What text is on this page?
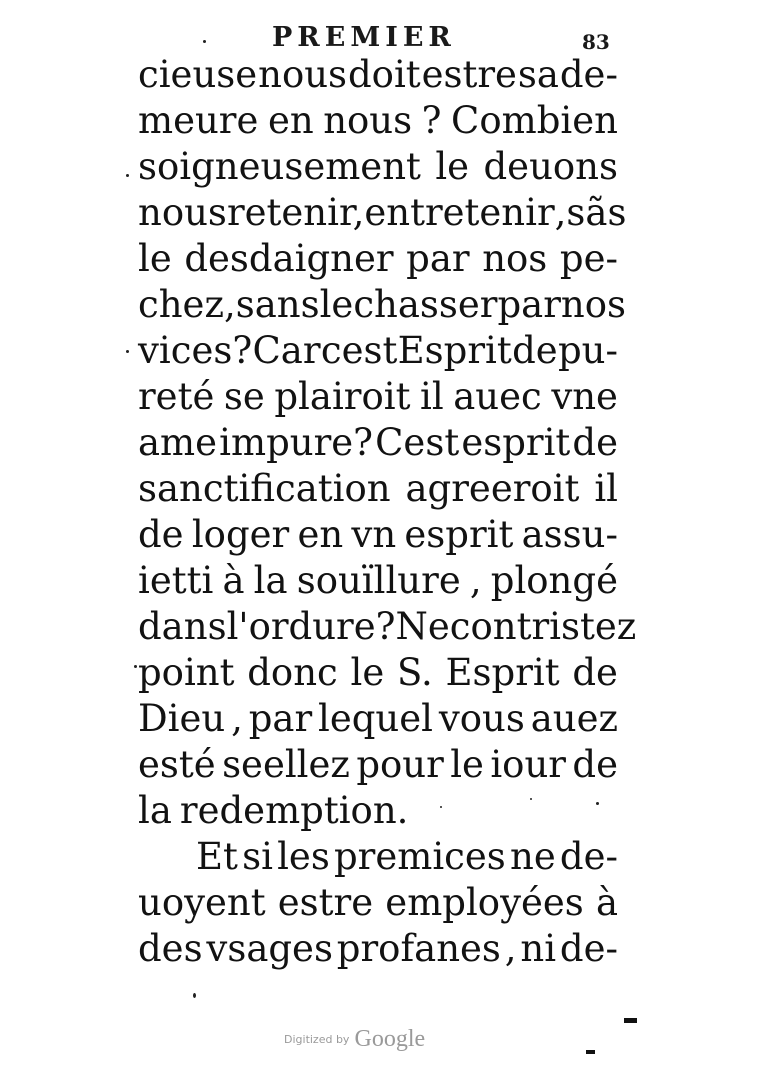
PREMIER	83
cieuse nous doit estre sa de-
meure en nous ? Combien
soigneusement le deuons
nous retenir, entretenir , sãs
le desdaigner par nos pe-
chez, sans le chasser par nos
vices? Car cest Esprit de pu-
reté se plairoit il auec vne
ame impure? Cest esprit de
sanctification agreeroit il
de loger en vn esprit assu-
ietti à la souïllure , plongé
dans l'ordure? Ne contristez
point donc le S. Esprit de
Dieu , par lequel vous auez
esté seellez pour le iour de
la redemption.
Et si les premices ne de-
uoyent estre employées à
des vsages profanes , ni de-
Digitized by Google
